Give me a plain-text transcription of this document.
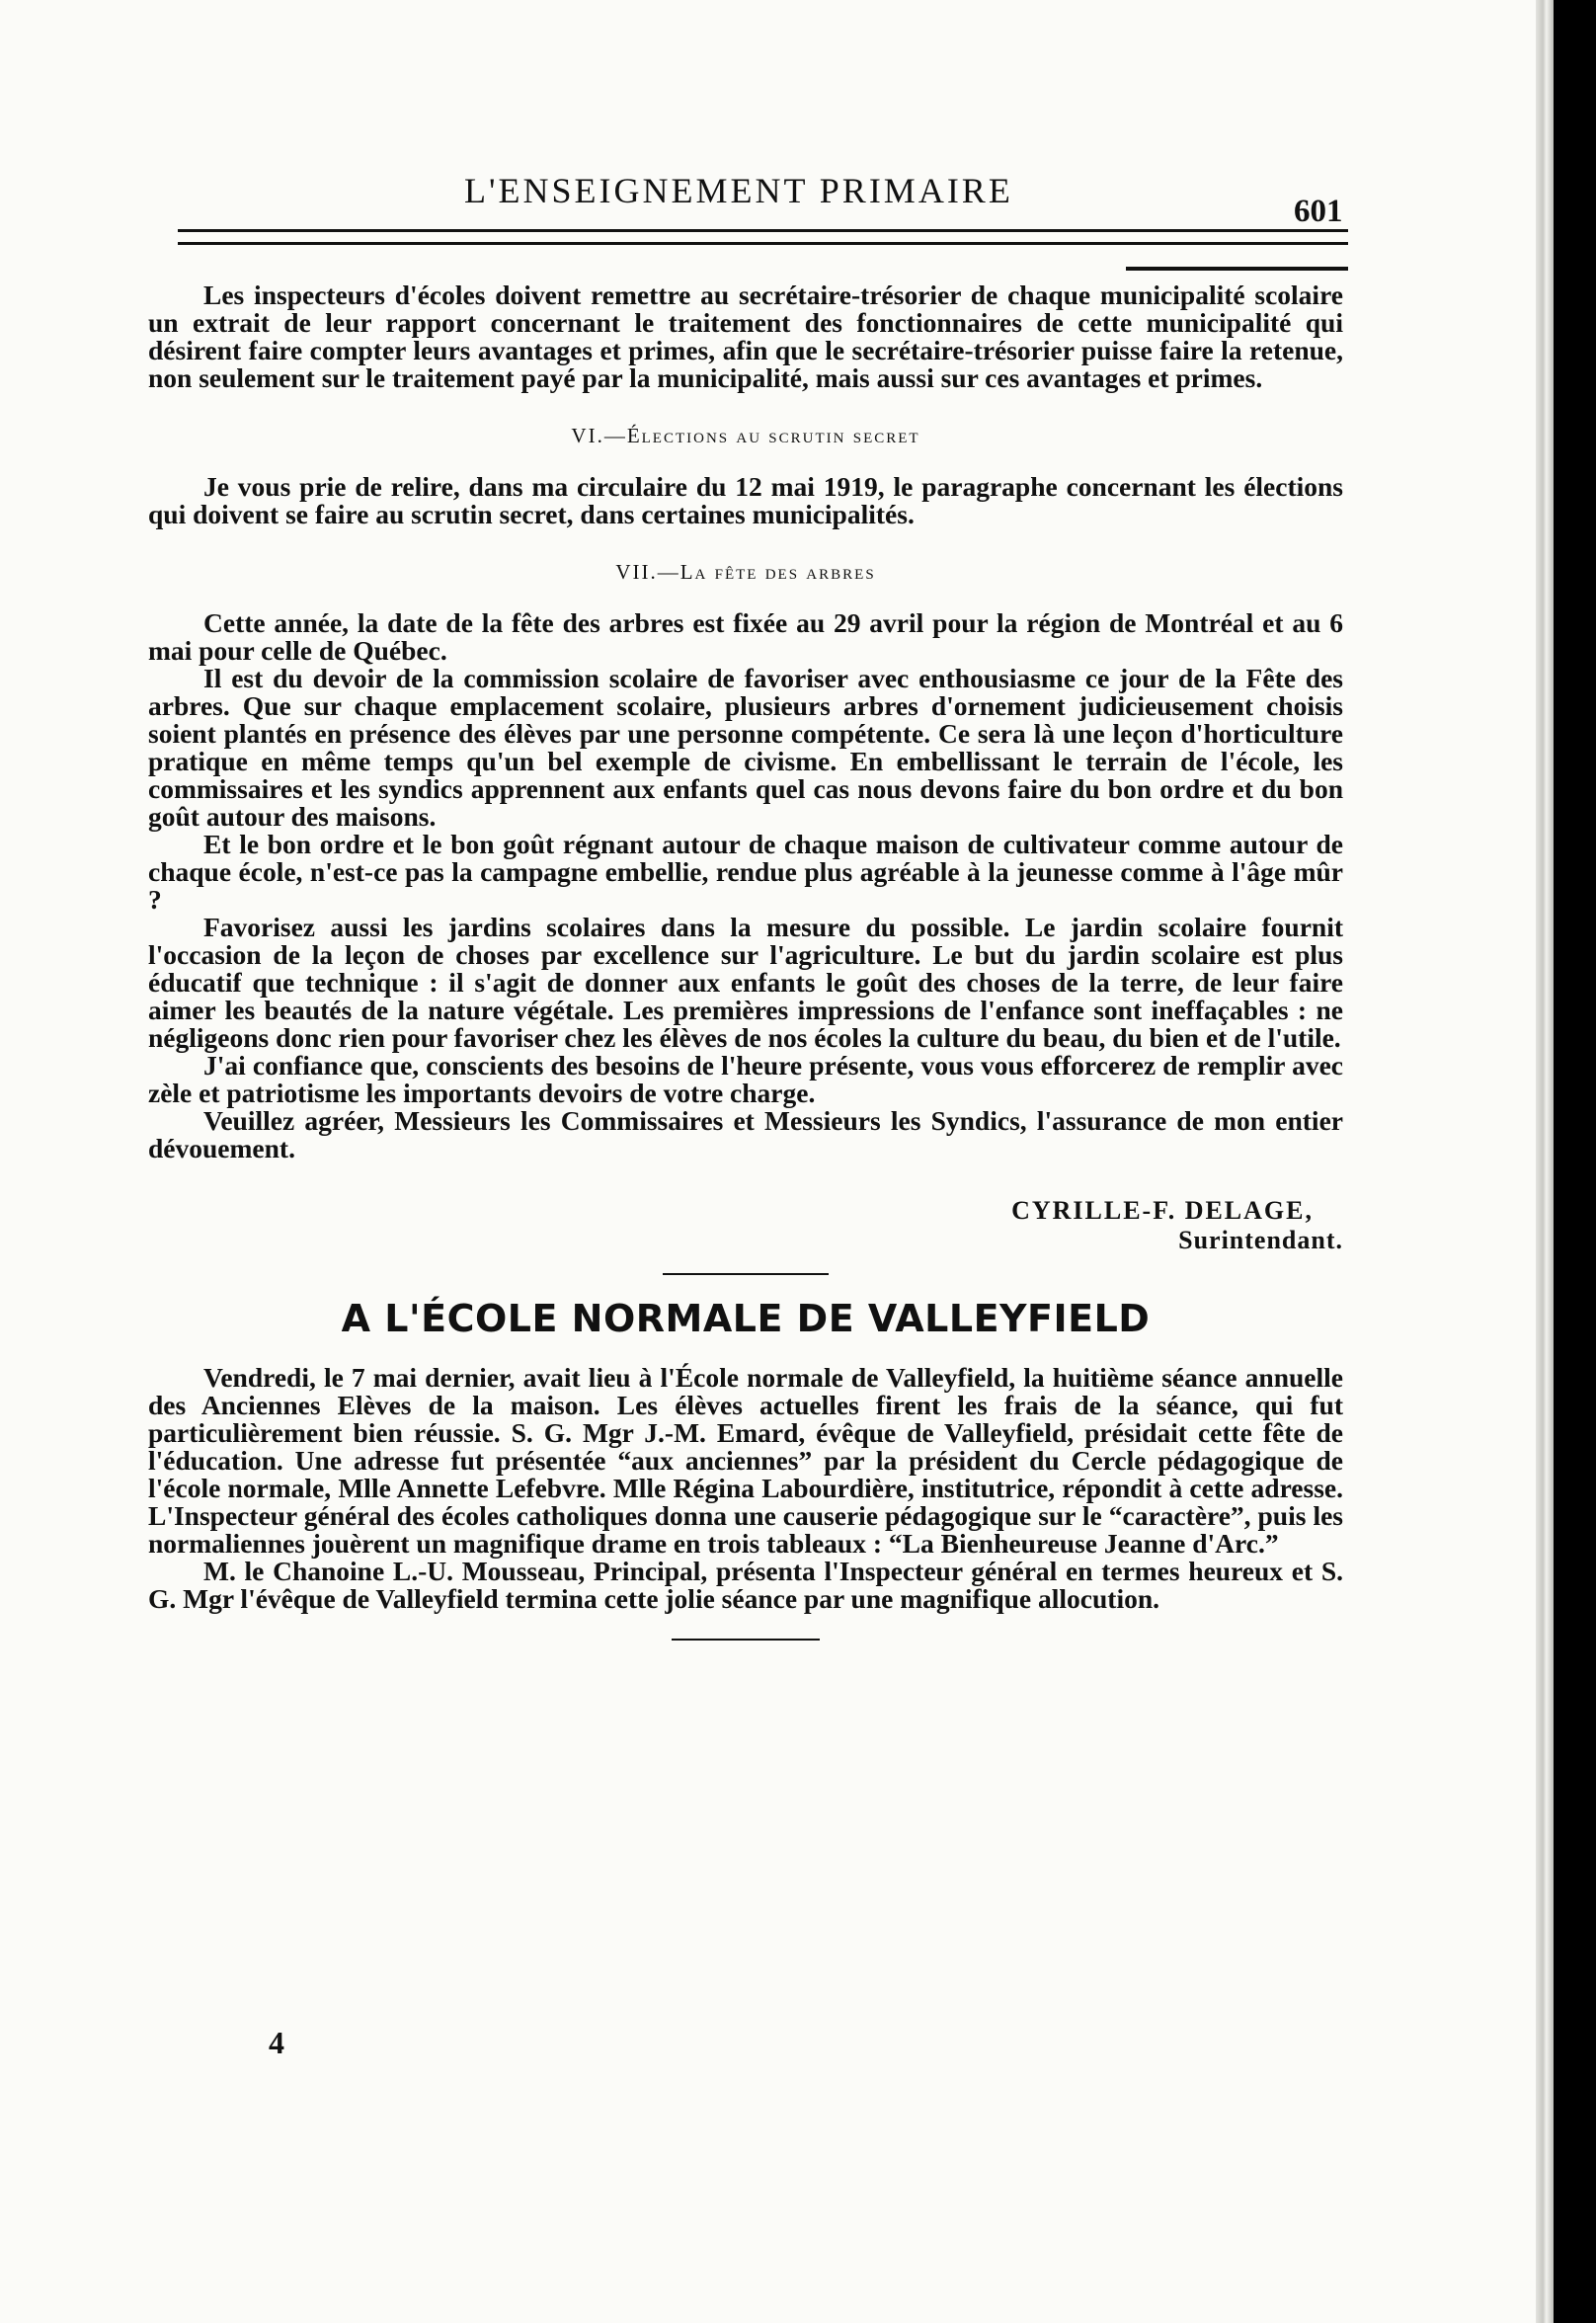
L'ENSEIGNEMENT PRIMAIRE
601

Les inspecteurs d'écoles doivent remettre au secrétaire-trésorier de chaque municipalité scolaire un extrait de leur rapport concernant le traitement des fonctionnaires de cette municipalité qui désirent faire compter leurs avantages et primes, afin que le secrétaire-trésorier puisse faire la retenue, non seulement sur le traitement payé par la municipalité, mais aussi sur ces avantages et primes.

VI.—Élections au scrutin secret

Je vous prie de relire, dans ma circulaire du 12 mai 1919, le paragraphe concernant les élections qui doivent se faire au scrutin secret, dans certaines municipalités.

VII.—La fête des arbres

Cette année, la date de la fête des arbres est fixée au 29 avril pour la région de Montréal et au 6 mai pour celle de Québec.

Il est du devoir de la commission scolaire de favoriser avec enthousiasme ce jour de la Fête des arbres. Que sur chaque emplacement scolaire, plusieurs arbres d'ornement judicieusement choisis soient plantés en présence des élèves par une personne compétente. Ce sera là une leçon d'horticulture pratique en même temps qu'un bel exemple de civisme. En embellissant le terrain de l'école, les commissaires et les syndics apprennent aux enfants quel cas nous devons faire du bon ordre et du bon goût autour des maisons.

Et le bon ordre et le bon goût régnant autour de chaque maison de cultivateur comme autour de chaque école, n'est-ce pas la campagne embellie, rendue plus agréable à la jeunesse comme à l'âge mûr ?

Favorisez aussi les jardins scolaires dans la mesure du possible. Le jardin scolaire fournit l'occasion de la leçon de choses par excellence sur l'agriculture. Le but du jardin scolaire est plus éducatif que technique : il s'agit de donner aux enfants le goût des choses de la terre, de leur faire aimer les beautés de la nature végétale. Les premières impressions de l'enfance sont ineffaçables : ne négligeons donc rien pour favoriser chez les élèves de nos écoles la culture du beau, du bien et de l'utile.

J'ai confiance que, conscients des besoins de l'heure présente, vous vous efforcerez de remplir avec zèle et patriotisme les importants devoirs de votre charge.

Veuillez agréer, Messieurs les Commissaires et Messieurs les Syndics, l'assurance de mon entier dévouement.

CYRILLE-F. DELAGE,
Surintendant.
A L'ÉCOLE NORMALE DE VALLEYFIELD

Vendredi, le 7 mai dernier, avait lieu à l'École normale de Valleyfield, la huitième séance annuelle des Anciennes Elèves de la maison. Les élèves actuelles firent les frais de la séance, qui fut particulièrement bien réussie. S. G. Mgr J.-M. Emard, évêque de Valleyfield, présidait cette fête de l'éducation. Une adresse fut présentée “aux anciennes” par la président du Cercle pédagogique de l'école normale, Mlle Annette Lefebvre. Mlle Régina Labourdière, institutrice, répondit à cette adresse. L'Inspecteur général des écoles catholiques donna une causerie pédagogique sur le “caractère”, puis les normaliennes jouèrent un magnifique drame en trois tableaux : “La Bienheureuse Jeanne d'Arc.”

M. le Chanoine L.-U. Mousseau, Principal, présenta l'Inspecteur général en termes heureux et S. G. Mgr l'évêque de Valleyfield termina cette jolie séance par une magnifique allocution.

4
